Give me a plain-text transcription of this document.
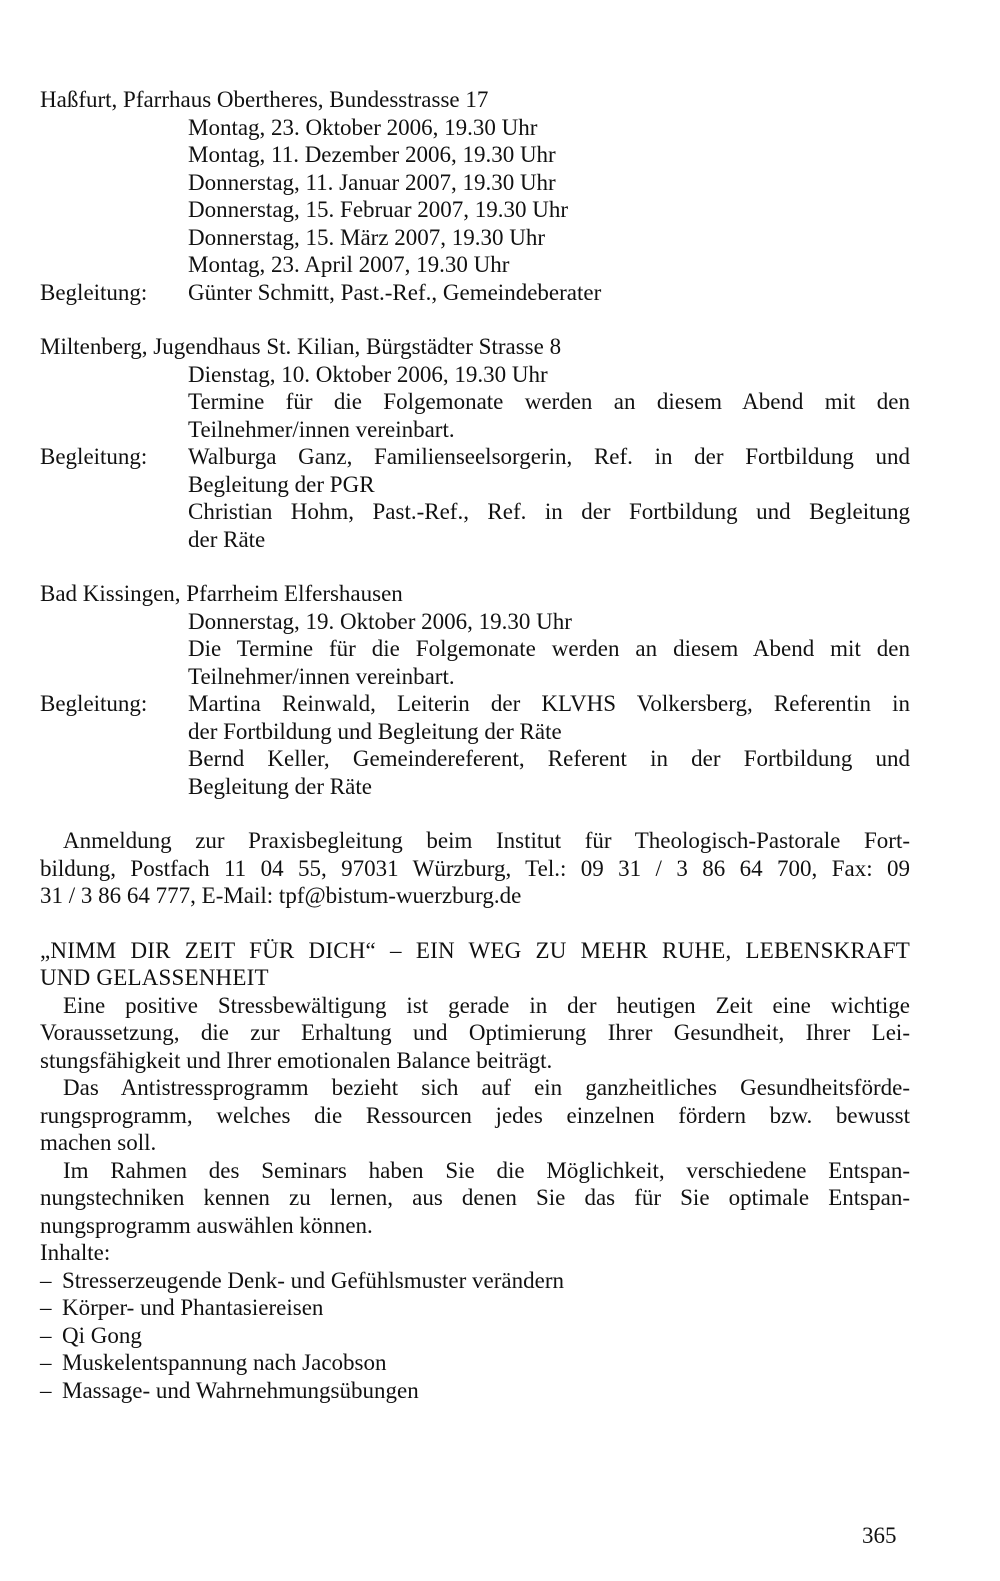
Haßfurt, Pfarrhaus Obertheres, Bundesstrasse 17
Montag, 23. Oktober 2006, 19.30 Uhr
Montag, 11. Dezember 2006, 19.30 Uhr
Donnerstag, 11. Januar 2007, 19.30 Uhr
Donnerstag, 15. Februar 2007, 19.30 Uhr
Donnerstag, 15. März 2007, 19.30 Uhr
Montag, 23. April 2007, 19.30 Uhr
Begleitung:	Günter Schmitt, Past.-Ref., Gemeindeberater
Miltenberg, Jugendhaus St. Kilian, Bürgstädter Strasse 8
Dienstag, 10. Oktober 2006, 19.30 Uhr
Termine für die Folgemonate werden an diesem Abend mit den
Teilnehmer/innen vereinbart.
Begleitung:	Walburga Ganz, Familienseelsorgerin, Ref. in der Fortbildung und
Begleitung der PGR
Christian Hohm, Past.-Ref., Ref. in der Fortbildung und Begleitung
der Räte
Bad Kissingen, Pfarrheim Elfershausen
Donnerstag, 19. Oktober 2006, 19.30 Uhr
Die Termine für die Folgemonate werden an diesem Abend mit den
Teilnehmer/innen vereinbart.
Begleitung:	Martina Reinwald, Leiterin der KLVHS Volkersberg, Referentin in
der Fortbildung und Begleitung der Räte
Bernd Keller, Gemeindereferent, Referent in der Fortbildung und
Begleitung der Räte
Anmeldung zur Praxisbegleitung beim Institut für Theologisch-Pastorale Fort-
bildung, Postfach 11 04 55, 97031 Würzburg, Tel.: 09 31 / 3 86 64 700, Fax: 09
31 / 3 86 64 777, E-Mail: tpf@bistum-wuerzburg.de
„NIMM DIR ZEIT FÜR DICH“ – EIN WEG ZU MEHR RUHE, LEBENSKRAFT
UND GELASSENHEIT
Eine positive Stressbewältigung ist gerade in der heutigen Zeit eine wichtige
Voraussetzung, die zur Erhaltung und Optimierung Ihrer Gesundheit, Ihrer Lei-
stungsfähigkeit und Ihrer emotionalen Balance beiträgt.
Das Antistressprogramm bezieht sich auf ein ganzheitliches Gesundheitsförde-
rungsprogramm, welches die Ressourcen jedes einzelnen fördern bzw. bewusst
machen soll.
Im Rahmen des Seminars haben Sie die Möglichkeit, verschiedene Entspan-
nungstechniken kennen zu lernen, aus denen Sie das für Sie optimale Entspan-
nungsprogramm auswählen können.
Inhalte:
– Stresserzeugende Denk- und Gefühlsmuster verändern
– Körper- und Phantasiereisen
– Qi Gong
– Muskelentspannung nach Jacobson
– Massage- und Wahrnehmungsübungen
365
